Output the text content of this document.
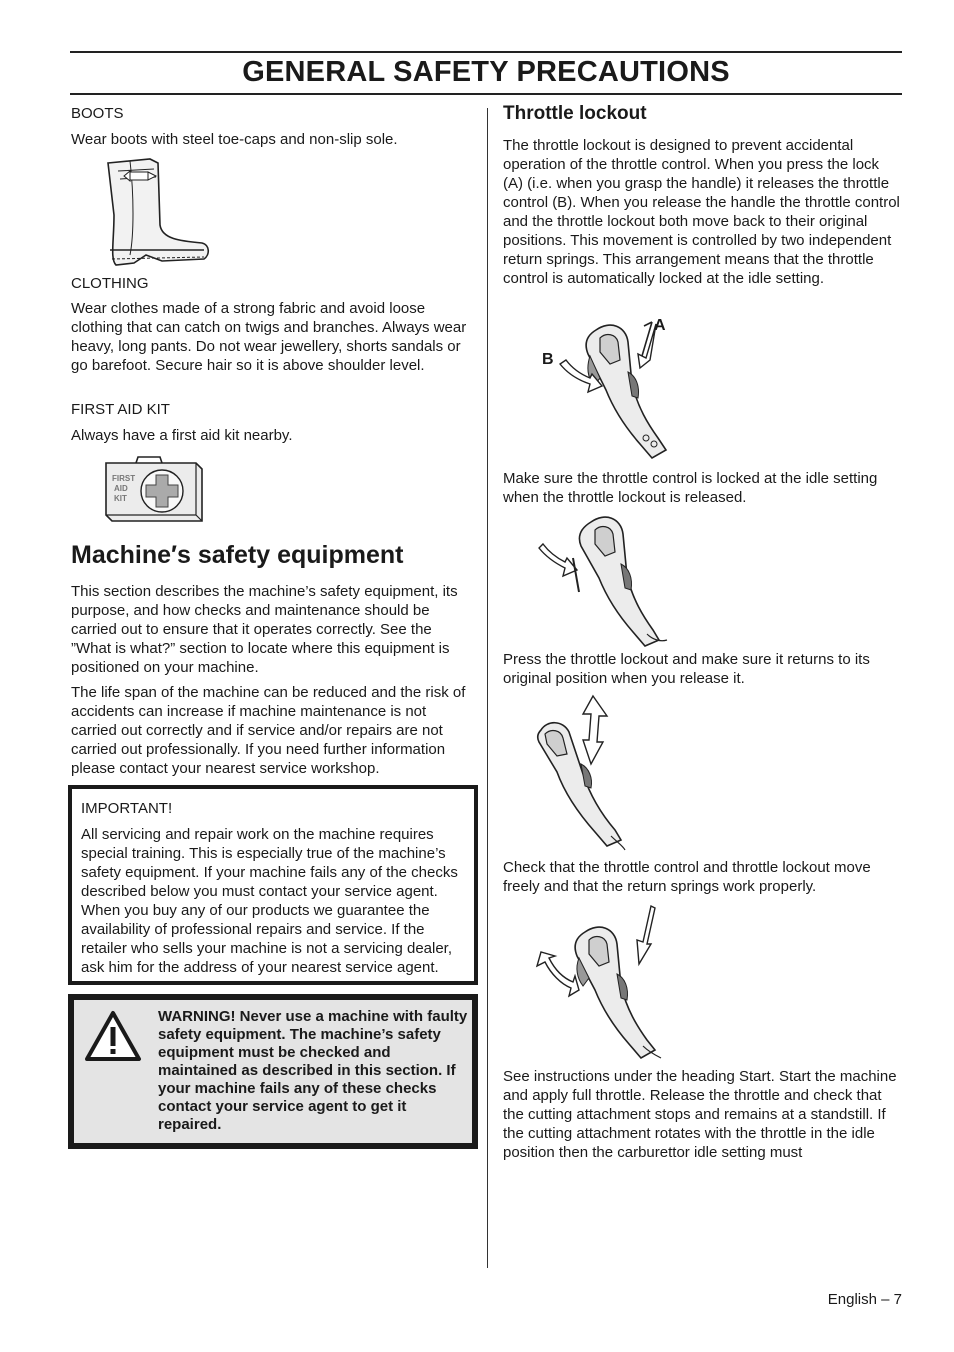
GENERAL SAFETY PRECAUTIONS
BOOTS

Wear boots with steel toe-caps and non-slip sole.

CLOTHING

Wear clothes made of a strong fabric and avoid loose clothing that can catch on twigs and branches. Always wear heavy, long pants. Do not wear jewellery, shorts sandals or go barefoot. Secure hair so it is above shoulder level.

FIRST AID KIT

Always have a first aid kit nearby.

FIRST
AID
KIT
Machine′s safety equipment

This section describes the machine’s safety equipment, its purpose, and how checks and maintenance should be carried out to ensure that it operates correctly. See the ”What is what?” section to locate where this equipment is positioned on your machine.

The life span of the machine can be reduced and the risk of accidents can increase if machine maintenance is not carried out correctly and if service and/or repairs are not carried out professionally. If you need further information please contact your nearest service workshop.

IMPORTANT!

All servicing and repair work on the machine requires special training. This is especially true of the machine’s safety equipment. If your machine fails any of the checks described below you must contact your service agent. When you buy any of our products we guarantee the availability of professional repairs and service. If the retailer who sells your machine is not a servicing dealer, ask him for the address of your nearest service agent.

WARNING! Never use a machine with faulty safety equipment. The machine’s safety equipment must be checked and maintained as described in this section. If your machine fails any of these checks contact your service agent to get it repaired.
Throttle lockout

The throttle lockout is designed to prevent accidental operation of the throttle control. When you press the lock (A) (i.e. when you grasp the handle) it releases the throttle control (B). When you release the handle the throttle control and the throttle lockout both move back to their original positions. This movement is controlled by two independent return springs. This arrangement means that the throttle control is automatically locked at the idle setting.

A
B

Make sure the throttle control is locked at the idle setting when the throttle lockout is released.

Press the throttle lockout and make sure it returns to its original position when you release it.

Check that the throttle control and throttle lockout move freely and that the return springs work properly.

See instructions under the heading Start. Start the machine and apply full throttle. Release the throttle and check that the cutting attachment stops and remains at a standstill. If the cutting attachment rotates with the throttle in the idle position then the carburettor idle setting must

English – 7
